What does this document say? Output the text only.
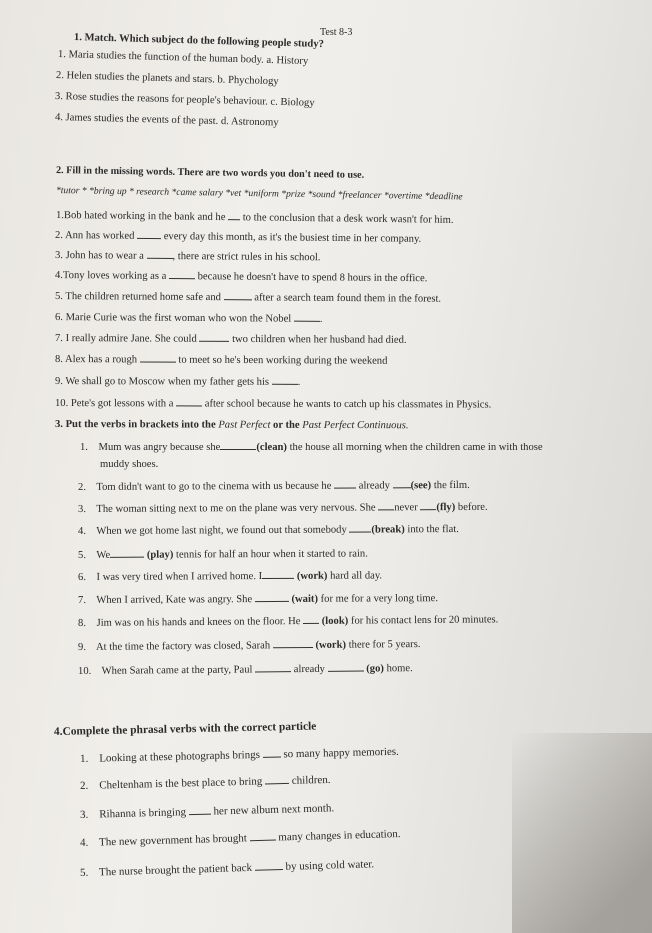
Test 8-3
1. Match. Which subject do the following people study?
1. Maria studies the function of the human body. a. History
2. Helen studies the planets and stars. b. Phychology
3. Rose studies the reasons for people's behaviour. c. Biology
4. James studies the events of the past. d. Astronomy
2. Fill in the missing words. There are two words you don't need to use.
*tutor * *bring up * research *came salary *vet *uniform *prize *sound *freelancer *overtime *deadline
1.Bob hated working in the bank and he to the conclusion that a desk work wasn't for him.
2. Ann has worked	every day this month, as it's the busiest time in her company.
3. John has to wear a	, there are strict rules in his school.
4.Tony loves working as a	because he doesn't have to spend 8 hours in the office.
5. The children returned home safe and	after a search team found them in the forest.
6. Marie Curie was the first woman who won the Nobel	.
7. I really admire Jane. She could	two children when her husband had died.
8. Alex has a rough	to meet so he's been working during the weekend
9. We shall go to Moscow when my father gets his	.
10. Pete's got lessons with a	after school because he wants to catch up his classmates in Physics.
3. Put the verbs in brackets into the Past Perfect or the Past Perfect Continuous.
1. Mum was angry because she	(clean) the house all morning when the children came in with those
muddy shoes.
2. Tom didn't want to go to the cinema with us because he	already (see) the film.
3. The woman sitting next to me on the plane was very nervous. She never (fly) before.
4. When we got home last night, we found out that somebody (break) into the flat.
5. We	(play) tennis for half an hour when it started to rain.
6. I was very tired when I arrived home. I	(work) hard all day.
7. When I arrived, Kate was angry. She	(wait) for me for a very long time.
8. Jim was on his hands and knees on the floor. He (look) for his contact lens for 20 minutes.
9. At the time the factory was closed, Sarah	(work) there for 5 years.
10. When Sarah came at the party, Paul	already	(go) home.
4.Complete the phrasal verbs with the correct particle
1. Looking at these photographs brings so many happy memories.
2. Cheltenham is the best place to bring	children.
3. Rihanna is bringing her new album next month.
4. The new government has brought	many changes in education.
5. The nurse brought the patient back	by using cold water.
